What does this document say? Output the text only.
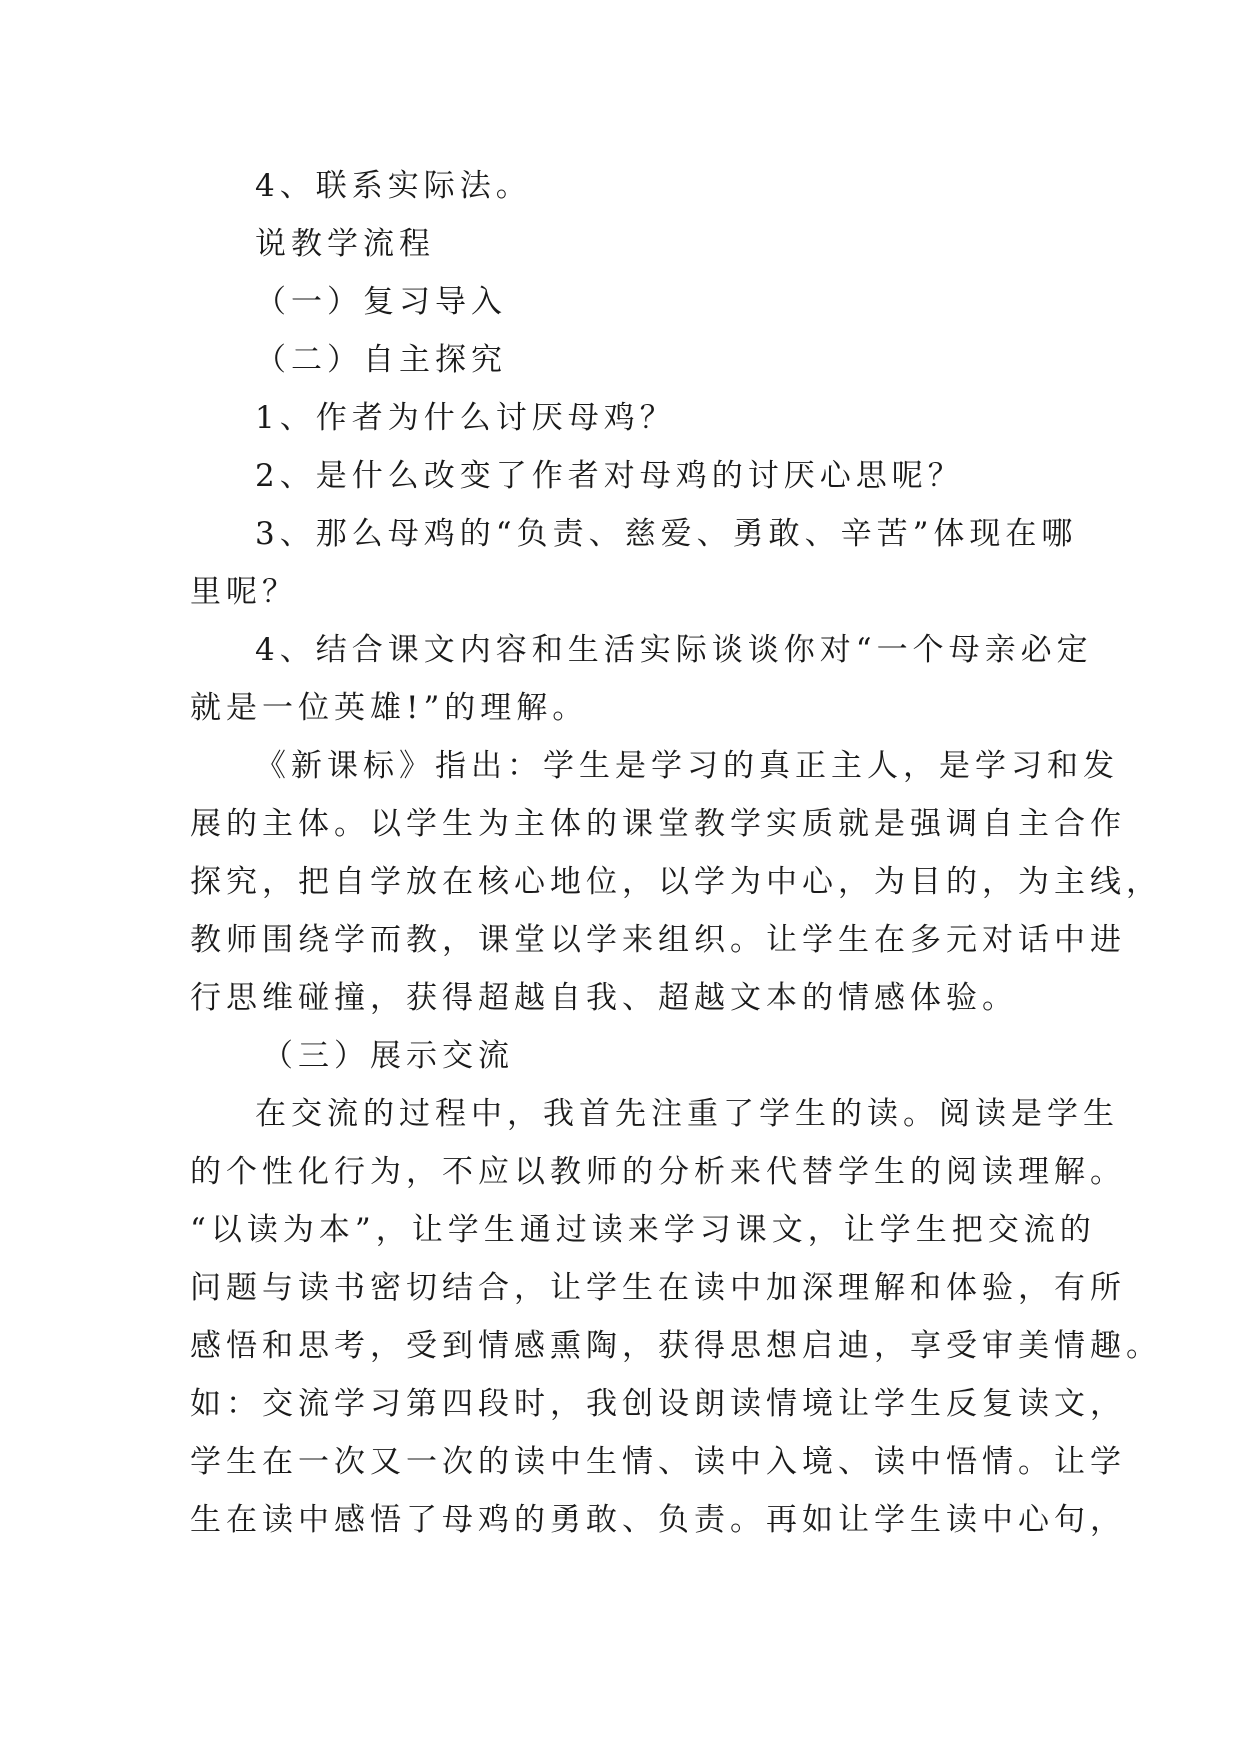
4、联系实际法。
说教学流程
（一）复习导入
（二）自主探究
1、作者为什么讨厌母鸡？
2、是什么改变了作者对母鸡的讨厌心思呢？
3、那么母鸡的“负责、慈爱、勇敢、辛苦”体现在哪
里呢？
4、结合课文内容和生活实际谈谈你对“一个母亲必定
就是一位英雄!”的理解。
《新课标》指出：学生是学习的真正主人，是学习和发
展的主体。以学生为主体的课堂教学实质就是强调自主合作
探究，把自学放在核心地位，以学为中心，为目的，为主线，
教师围绕学而教，课堂以学来组织。让学生在多元对话中进
行思维碰撞，获得超越自我、超越文本的情感体验。
（三）展示交流
在交流的过程中，我首先注重了学生的读。阅读是学生
的个性化行为，不应以教师的分析来代替学生的阅读理解。
“以读为本”，让学生通过读来学习课文，让学生把交流的
问题与读书密切结合，让学生在读中加深理解和体验，有所
感悟和思考，受到情感熏陶，获得思想启迪，享受审美情趣。
如：交流学习第四段时，我创设朗读情境让学生反复读文，
学生在一次又一次的读中生情、读中入境、读中悟情。让学
生在读中感悟了母鸡的勇敢、负责。再如让学生读中心句，
